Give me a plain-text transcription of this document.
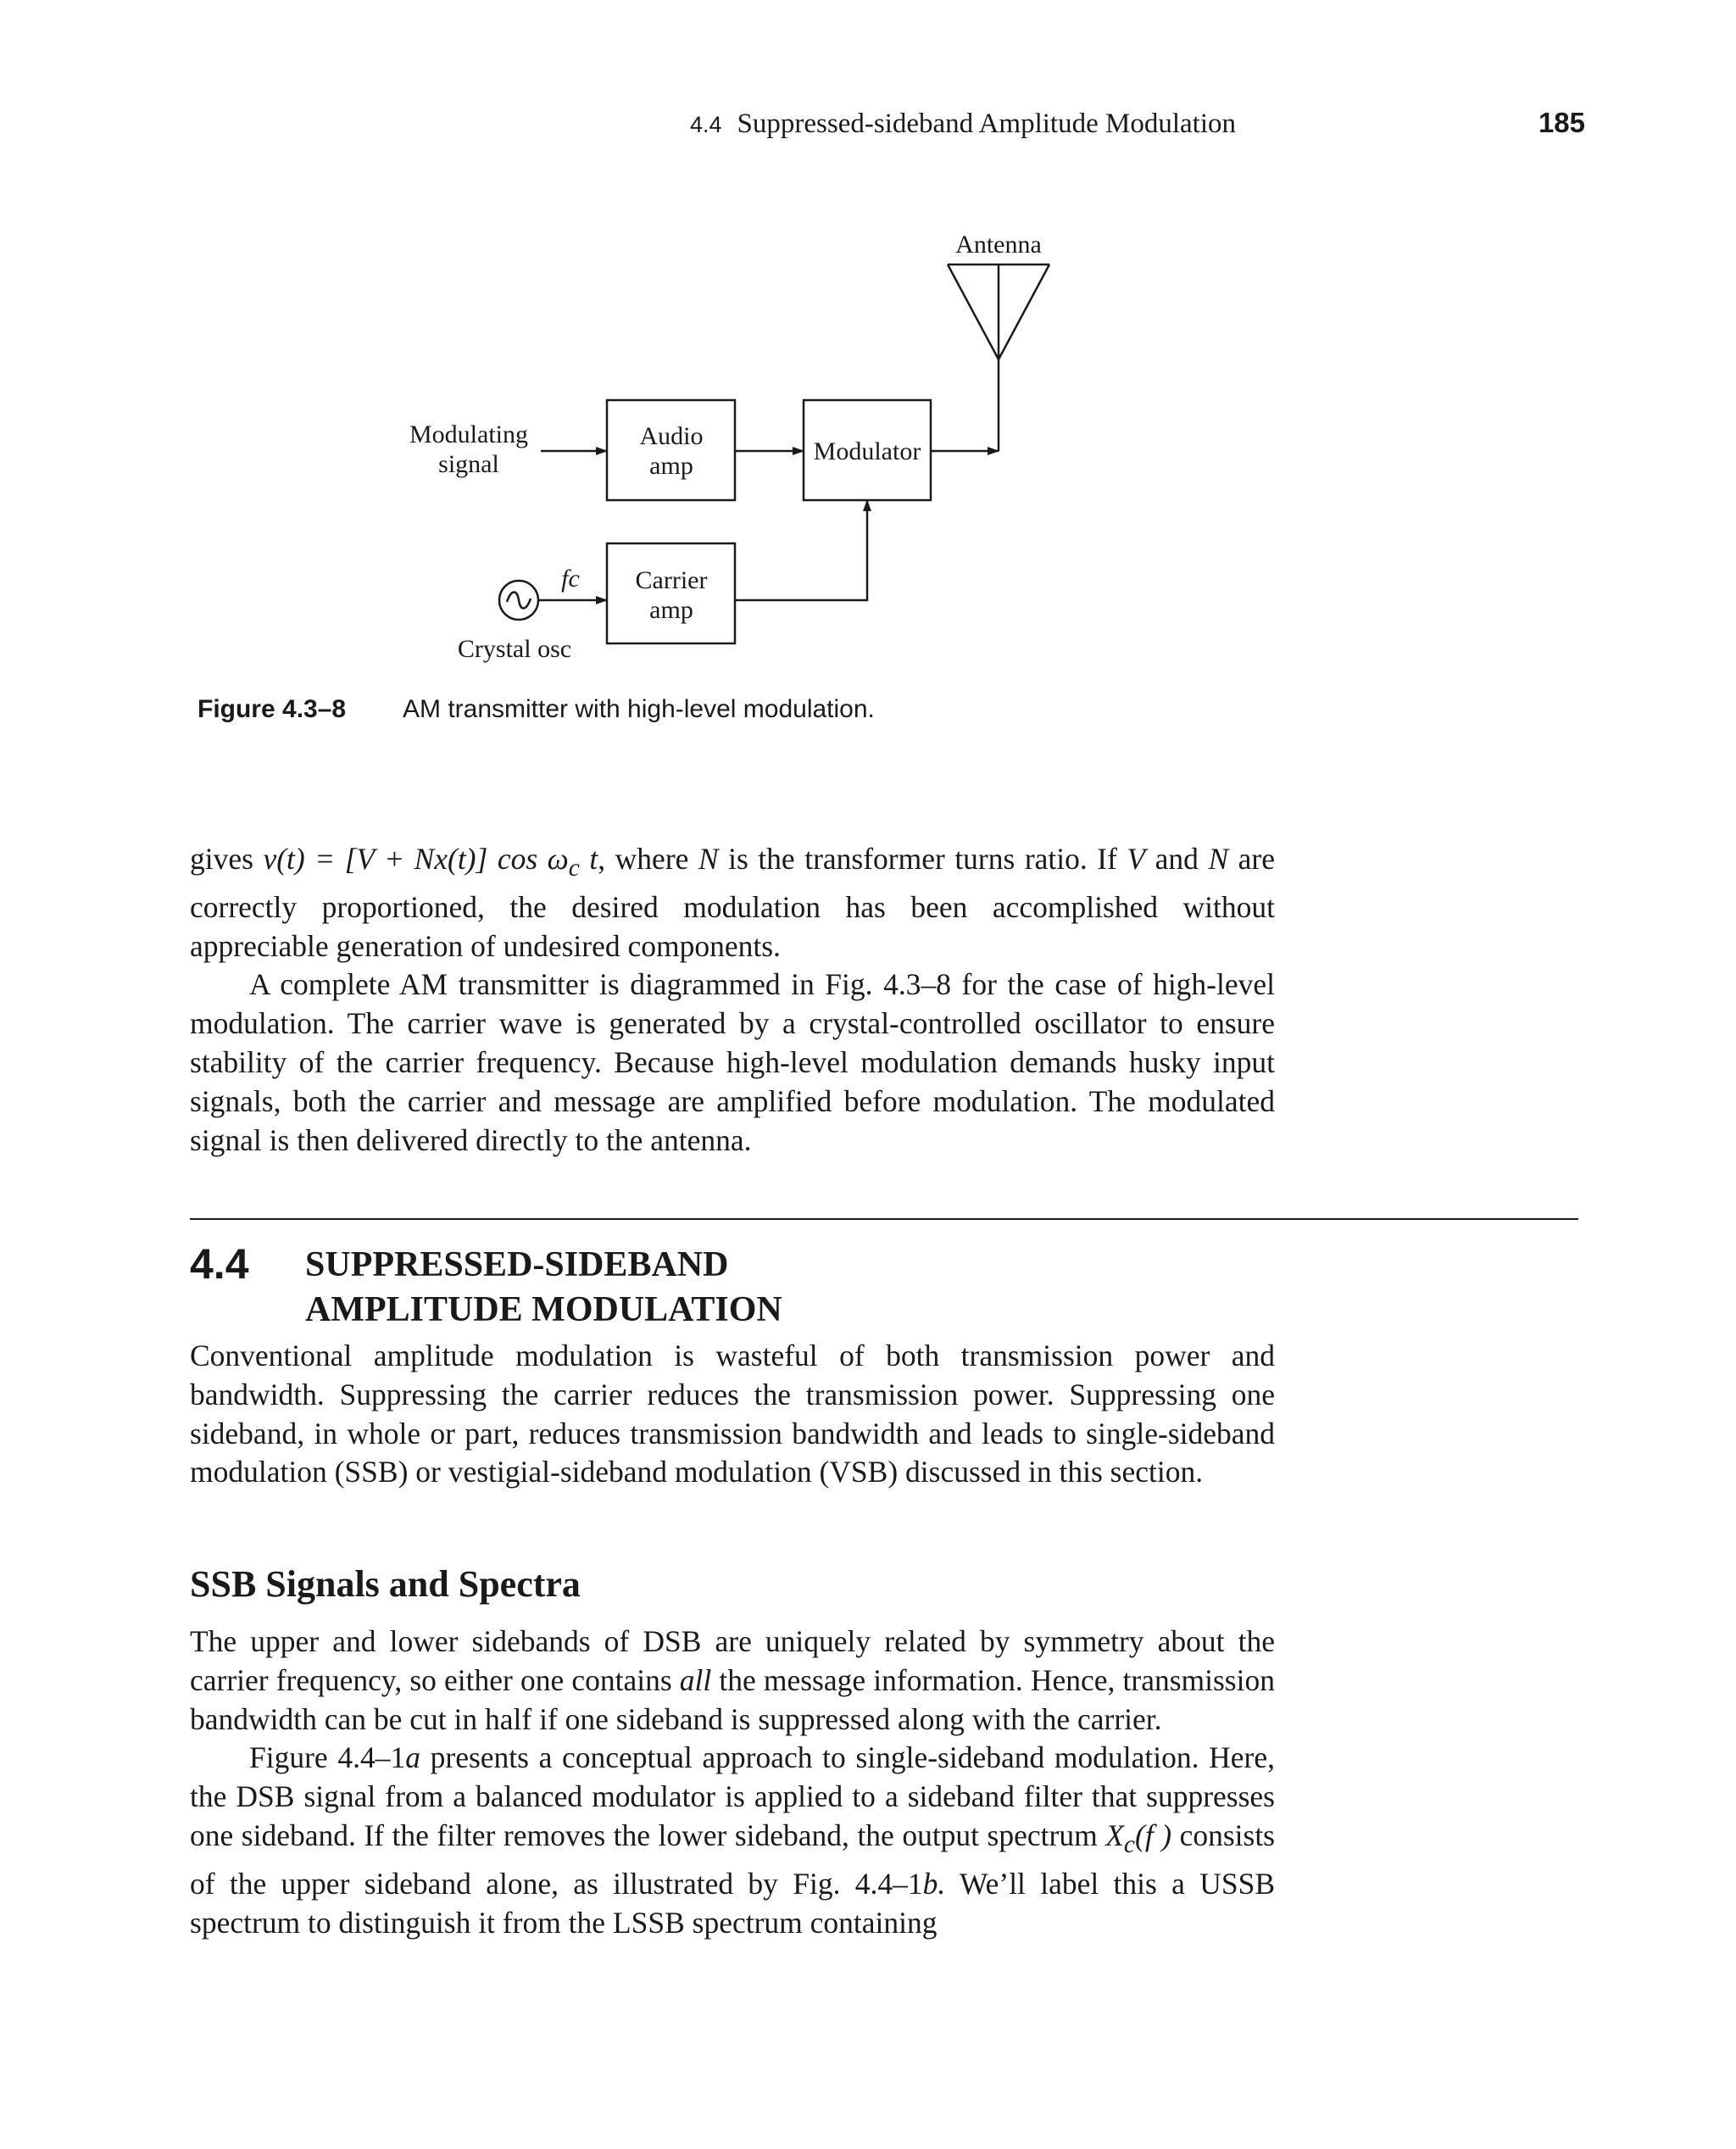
4.4 Suppressed-sideband Amplitude Modulation	185
Antenna
Modulating
signal
Audio
amp
Modulator
fc
Crystal osc
Carrier
amp
Figure 4.3–8 AM transmitter with high-level modulation.

gives v(t) = [V + Nx(t)] $\cos \omega_c$ t, where N is the transformer turns ratio. If V and N are correctly proportioned, the desired modulation has been accomplished without appreciable generation of undesired components.

A complete AM transmitter is diagrammed in Fig. 4.3–8 for the case of high-level modulation. The carrier wave is generated by a crystal-controlled oscillator to ensure stability of the carrier frequency. Because high-level modulation demands husky input signals, both the carrier and message are amplified before modulation. The modulated signal is then delivered directly to the antenna.

4.4 SUPPRESSED-SIDEBAND
AMPLITUDE MODULATION

Conventional amplitude modulation is wasteful of both transmission power and bandwidth. Suppressing the carrier reduces the transmission power. Suppressing one sideband, in whole or part, reduces transmission bandwidth and leads to single-sideband modulation (SSB) or vestigial-sideband modulation (VSB) discussed in this section.

SSB Signals and Spectra

The upper and lower sidebands of DSB are uniquely related by symmetry about the carrier frequency, so either one contains all the message information. Hence, transmission bandwidth can be cut in half if one sideband is suppressed along with the carrier.

Figure 4.4–1a presents a conceptual approach to single-sideband modulation. Here, the DSB signal from a balanced modulator is applied to a sideband filter that suppresses one sideband. If the filter removes the lower sideband, the output spectrum $X_c(f$ ) consists of the upper sideband alone, as illustrated by Fig. 4.4–1b. We’ll label this a USSB spectrum to distinguish it from the LSSB spectrum containing
